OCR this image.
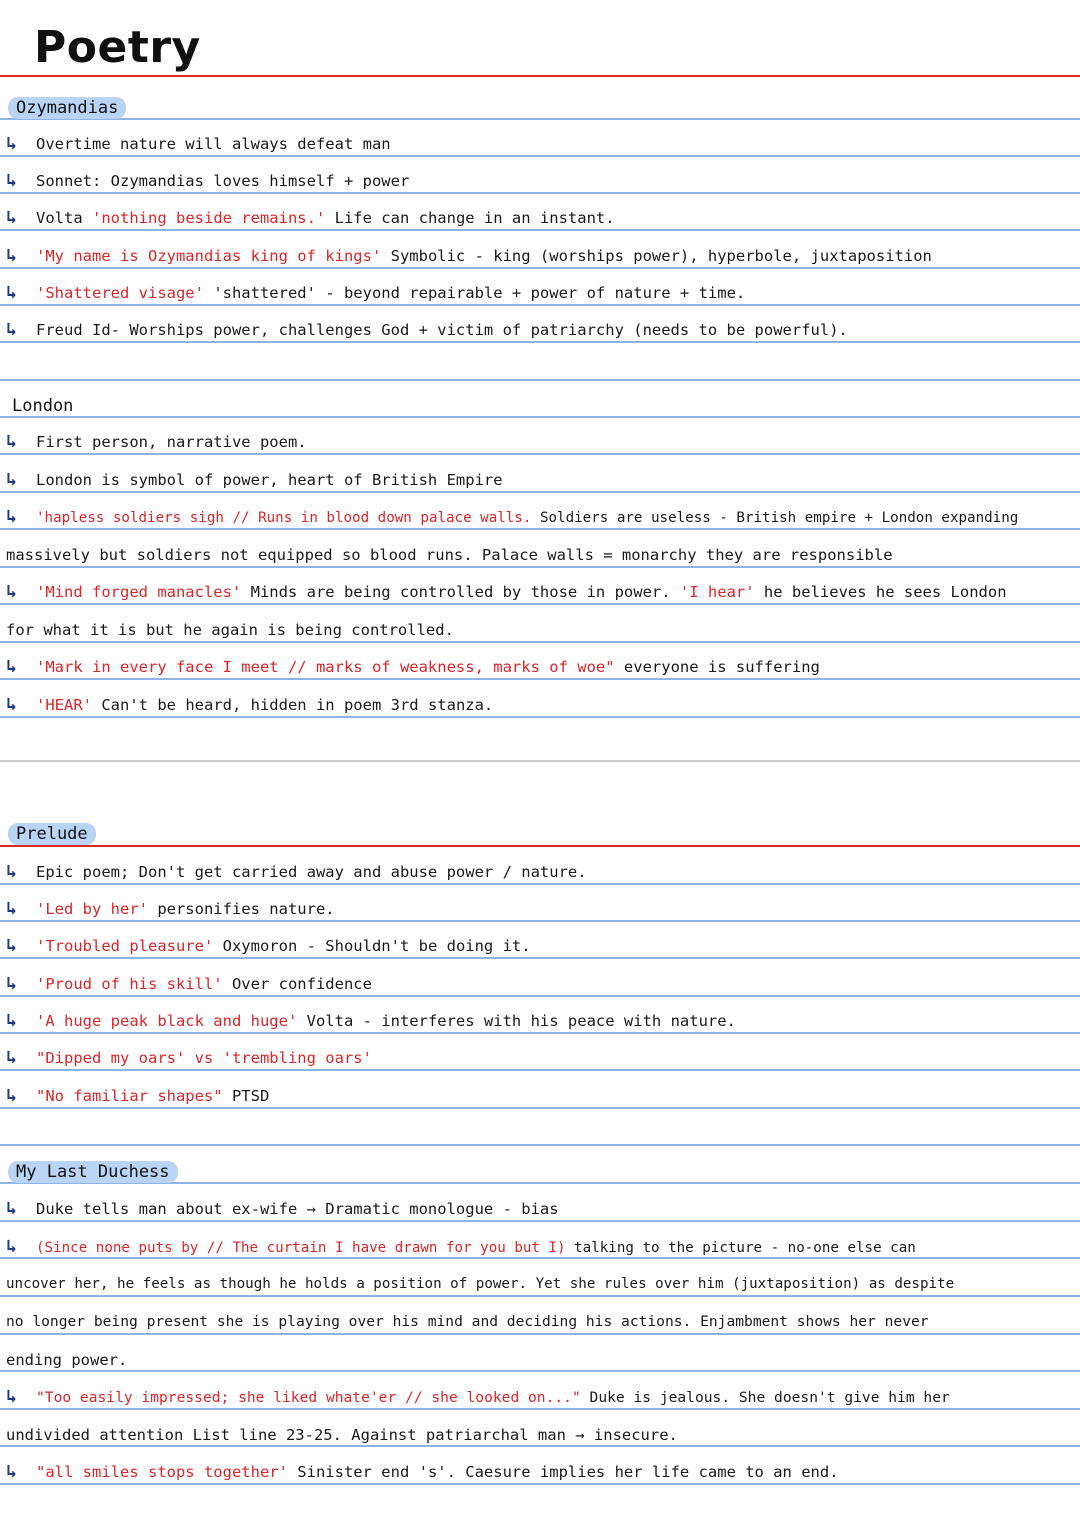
Poetry
Ozymandias
↳ Overtime nature will always defeat man
↳ Sonnet: Ozymandias loves himself + power
↳ Volta 'nothing beside remains.' Life can change in an instant.
↳ 'My name is Ozymandias king of kings' Symbolic - king (worships power), hyperbole, juxtaposition
↳ 'Shattered visage' 'shattered' - beyond repairable + power of nature + time.
↳ Freud Id- Worships power, challenges God + victim of patriarchy (needs to be powerful).
London
↳ First person, narrative poem.
↳ London is symbol of power, heart of British Empire
↳ 'hapless soldiers sigh // Runs in blood down palace walls. Soldiers are useless - British empire + London expanding
massively but soldiers not equipped so blood runs. Palace walls = monarchy they are responsible
↳ 'Mind forged manacles' Minds are being controlled by those in power. 'I hear' he believes he sees London
for what it is but he again is being controlled.
↳ 'Mark in every face I meet // marks of weakness, marks of woe" everyone is suffering
↳ 'HEAR' Can't be heard, hidden in poem 3rd stanza.
Prelude
↳ Epic poem; Don't get carried away and abuse power / nature.
↳ 'Led by her' personifies nature.
↳ 'Troubled pleasure' Oxymoron - Shouldn't be doing it.
↳ 'Proud of his skill' Over confidence
↳ 'A huge peak black and huge' Volta - interferes with his peace with nature.
↳ "Dipped my oars' vs 'trembling oars'
↳ "No familiar shapes" PTSD
My Last Duchess
↳ Duke tells man about ex-wife → Dramatic monologue - bias
↳ (Since none puts by // The curtain I have drawn for you but I) talking to the picture - no-one else can
uncover her, he feels as though he holds a position of power. Yet she rules over him (juxtaposition) as despite
no longer being present she is playing over his mind and deciding his actions. Enjambment shows her never
ending power.
↳ "Too easily impressed; she liked whate'er // she looked on..." Duke is jealous. She doesn't give him her
undivided attention List line 23-25. Against patriarchal man → insecure.
↳ "all smiles stops together' Sinister end 's'. Caesure implies her life came to an end.
